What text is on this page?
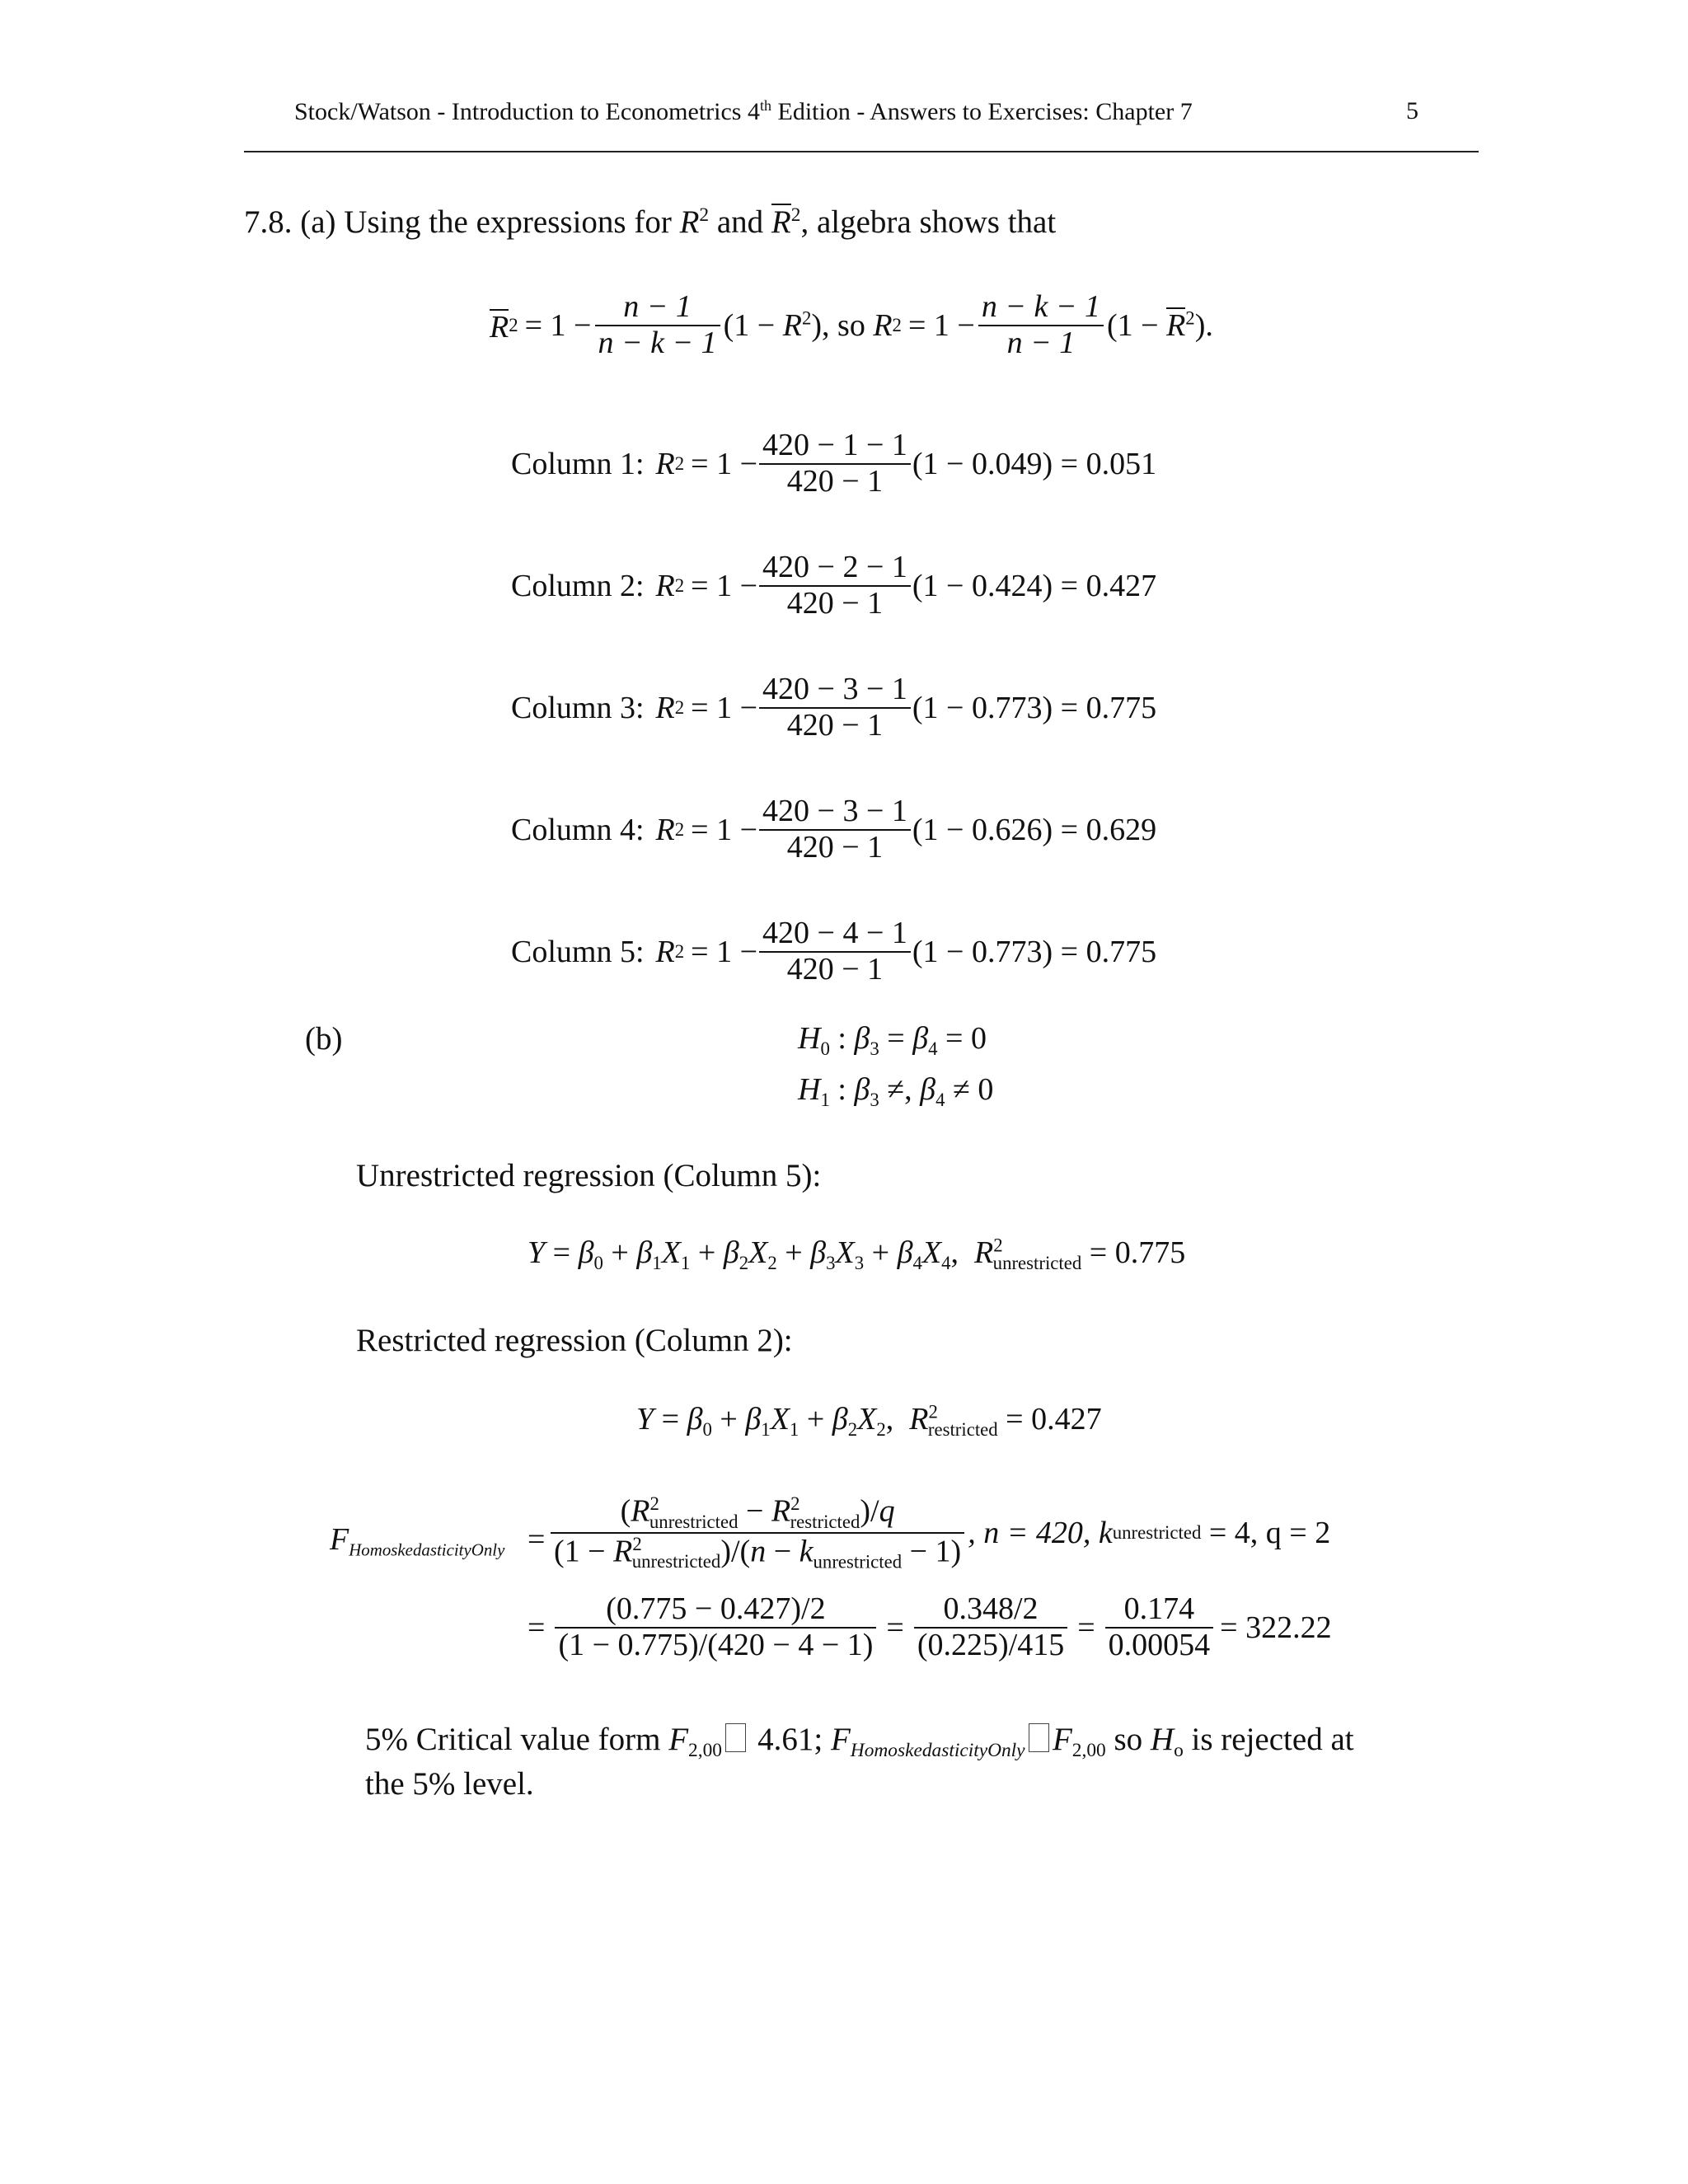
Stock/Watson - Introduction to Econometrics 4th Edition - Answers to Exercises: Chapter 7	5
7.8. (a) Using the expressions for $R^2$ and $R^2$, algebra shows that
R $2 = 1 - \frac{n - 1}{n - k - 1} (1 - R^2)$ , so R $2 = 1 - \frac{n - k - 1}{n - 1} (1 - R^2)$.
Column 1: R $2 = 1 - \frac{420 - 1 - 1}{420 - 1} (1 - 0.049) = 0.051$
Column 2: R $2 = 1 - \frac{420 - 2 - 1}{420 - 1} (1 - 0.424) = 0.427$
Column 3: R $2 = 1 - \frac{420 - 3 - 1}{420 - 1} (1 - 0.773) = 0.775$
Column 4: R $2 = 1 - \frac{420 - 3 - 1}{420 - 1} (1 - 0.626) = 0.629$
Column 5: R $2 = 1 - \frac{420 - 4 - 1}{420 - 1} (1 - 0.773) = 0.775$
(b)	$H_0$ : $\beta_3 = \beta_4 = 0$
$H_1$ : $\beta_3$ ≠, $\beta_4 \ne 0$
Unrestricted regression (Column 5):
$Y = \beta_0 + \beta_1X_1 + \beta_2X_2 + \beta_3X_3 + \beta_4X_4$,  $R^2_{unrestricted} = 0.775$
Restricted regression (Column 2):
$Y = \beta_0 + \beta_1X_1 + \beta_2X_2$,  $R^2_{restricted} = 0.427$
$F_{HomoskedasticityOnly} = \frac{(R^2_{unrestricted} - R^2_{restricted})/q}{(1 - R^2_{unrestricted})/(n - k_{unrestricted} - 1)}$ , n = 420, k unrestricted = 4, q = 2
= $\frac{(0.775 - 0.427)/2}{(1 - 0.775)/(420 - 4 - 1)} = \frac{0.348/2}{(0.225)/415} = \frac{0.174}{0.00054} = 322.22$
5% Critical value form $F_{2,00}$ 4.61; $F_{HomoskedasticityOnly}$ $F_{2,00}$ so $H_o$ is rejected at
the 5% level.
